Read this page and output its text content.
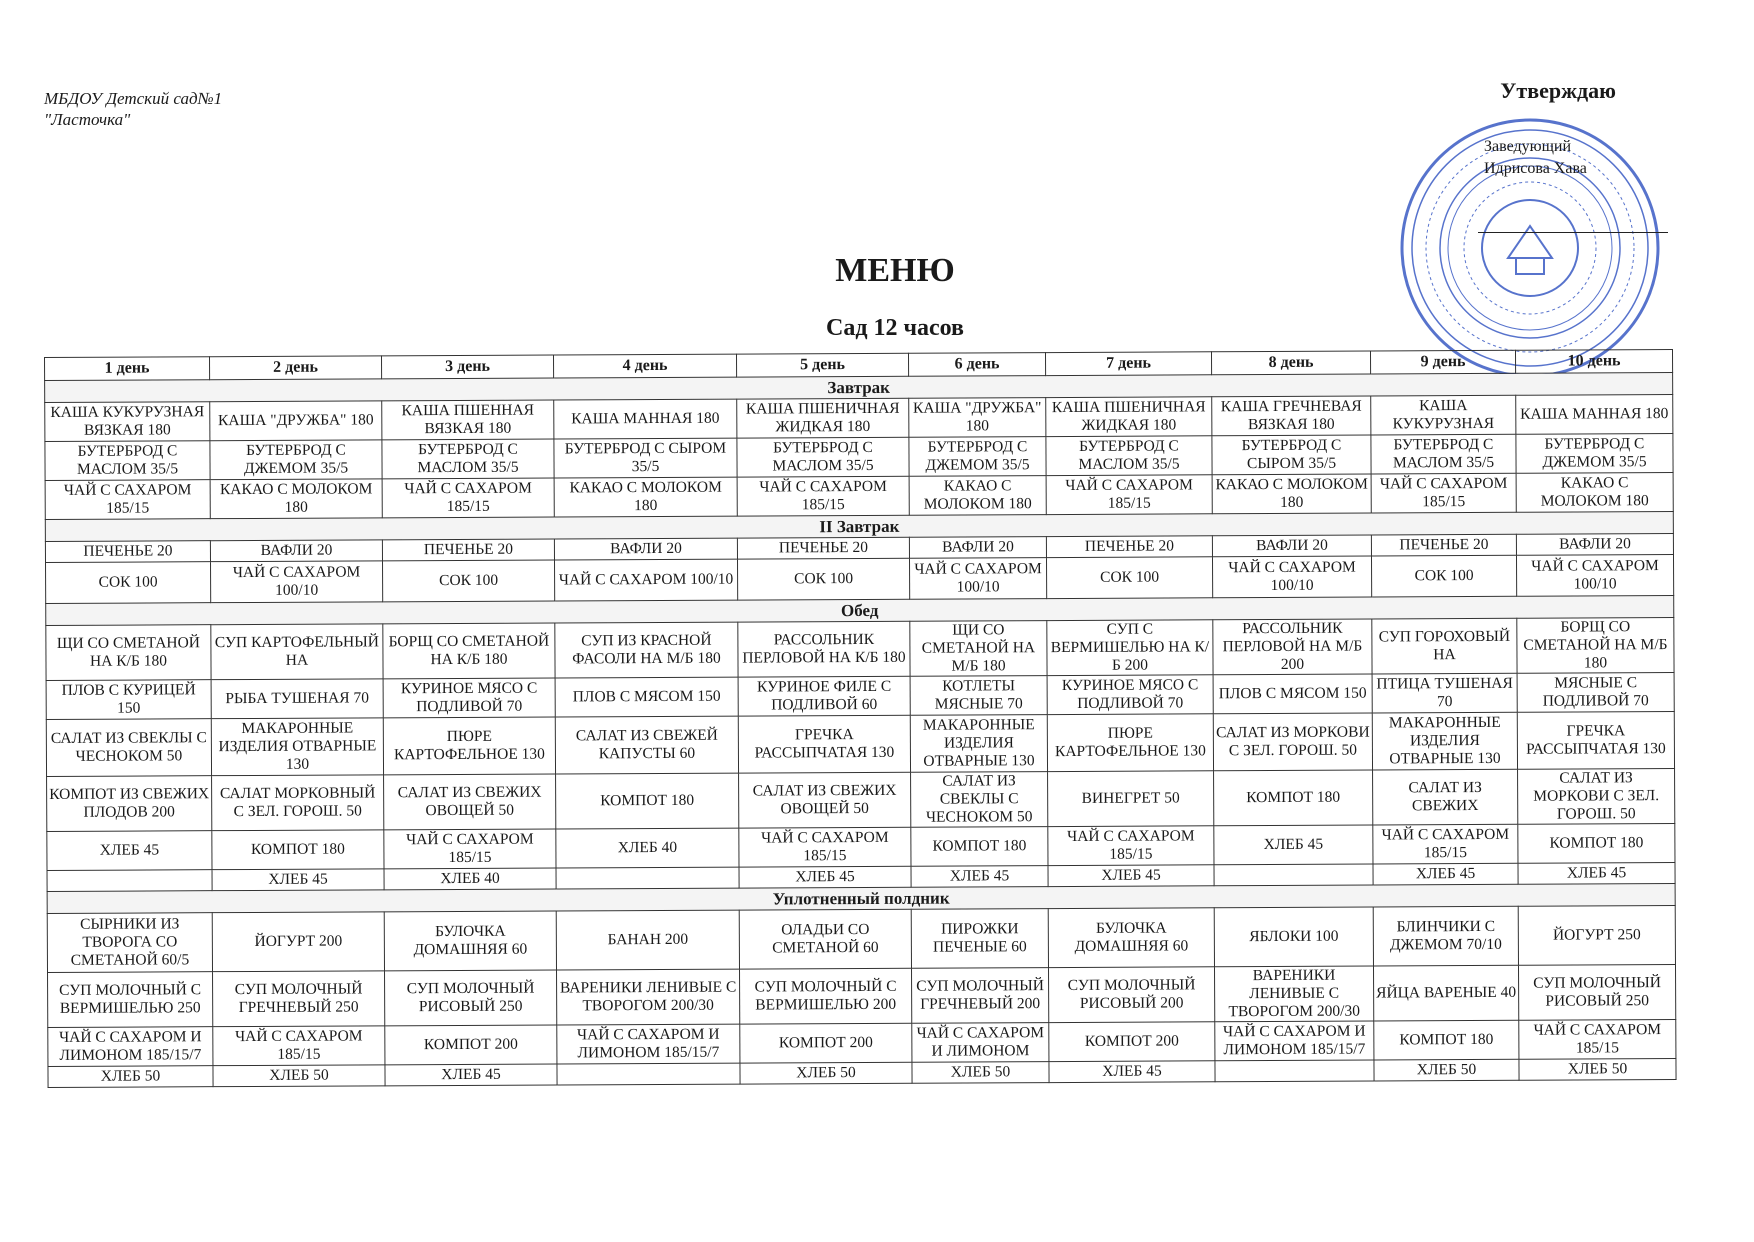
МБДОУ Детский сад№1
"Ласточка"
Утверждаю
Заведующий
Идрисова Хава
МЕНЮ
Сад 12 часов
1 день	2 день	3 день	4 день	5 день	6 день	7 день	8 день	9 день	10 день
Завтрак									
КАША КУКУРУЗНАЯ ВЯЗКАЯ 180	КАША "ДРУЖБА" 180	КАША ПШЕННАЯ ВЯЗКАЯ 180	КАША МАННАЯ 180	КАША ПШЕНИЧНАЯ ЖИДКАЯ 180	КАША "ДРУЖБА" 180	КАША ПШЕНИЧНАЯ ЖИДКАЯ 180	КАША ГРЕЧНЕВАЯ ВЯЗКАЯ 180	КАША КУКУРУЗНАЯ	КАША МАННАЯ 180
БУТЕРБРОД С МАСЛОМ 35/5	БУТЕРБРОД С ДЖЕМОМ 35/5	БУТЕРБРОД С МАСЛОМ 35/5	БУТЕРБРОД С СЫРОМ 35/5	БУТЕРБРОД С МАСЛОМ 35/5	БУТЕРБРОД С ДЖЕМОМ 35/5	БУТЕРБРОД С МАСЛОМ 35/5	БУТЕРБРОД С СЫРОМ 35/5	БУТЕРБРОД С МАСЛОМ 35/5	БУТЕРБРОД С ДЖЕМОМ 35/5
ЧАЙ С САХАРОМ 185/15	КАКАО С МОЛОКОМ 180	ЧАЙ С САХАРОМ 185/15	КАКАО С МОЛОКОМ 180	ЧАЙ С САХАРОМ 185/15	КАКАО С МОЛОКОМ 180	ЧАЙ С САХАРОМ 185/15	КАКАО С МОЛОКОМ 180	ЧАЙ С САХАРОМ 185/15	КАКАО С МОЛОКОМ 180
II Завтрак									
ПЕЧЕНЬЕ 20	ВАФЛИ 20	ПЕЧЕНЬЕ 20	ВАФЛИ 20	ПЕЧЕНЬЕ 20	ВАФЛИ 20	ПЕЧЕНЬЕ 20	ВАФЛИ 20	ПЕЧЕНЬЕ 20	ВАФЛИ 20
СОК 100	ЧАЙ С САХАРОМ 100/10	СОК 100	ЧАЙ С САХАРОМ 100/10	СОК 100	ЧАЙ С САХАРОМ 100/10	СОК 100	ЧАЙ С САХАРОМ 100/10	СОК 100	ЧАЙ С САХАРОМ 100/10
Обед									
ЩИ СО СМЕТАНОЙ НА К/Б 180	СУП КАРТОФЕЛЬНЫЙ НА	БОРЩ СО СМЕТАНОЙ НА К/Б 180	СУП ИЗ КРАСНОЙ ФАСОЛИ НА М/Б 180	РАССОЛЬНИК ПЕРЛОВОЙ НА К/Б 180	ЩИ СО СМЕТАНОЙ НА М/Б 180	СУП С ВЕРМИШЕЛЬЮ НА К/Б 200	РАССОЛЬНИК ПЕРЛОВОЙ НА М/Б 200	СУП ГОРОХОВЫЙ НА	БОРЩ СО СМЕТАНОЙ НА М/Б 180
ПЛОВ С КУРИЦЕЙ 150	РЫБА ТУШЕНАЯ 70	КУРИНОЕ МЯСО С ПОДЛИВОЙ 70	ПЛОВ С МЯСОМ 150	КУРИНОЕ ФИЛЕ С ПОДЛИВОЙ 60	КОТЛЕТЫ МЯСНЫЕ 70	КУРИНОЕ МЯСО С ПОДЛИВОЙ 70	ПЛОВ С МЯСОМ 150	ПТИЦА ТУШЕНАЯ 70	МЯСНЫЕ С ПОДЛИВОЙ 70
САЛАТ ИЗ СВЕКЛЫ С ЧЕСНОКОМ 50	МАКАРОННЫЕ ИЗДЕЛИЯ ОТВАРНЫЕ 130	ПЮРЕ КАРТОФЕЛЬНОЕ 130	САЛАТ ИЗ СВЕЖЕЙ КАПУСТЫ 60	ГРЕЧКА РАССЫПЧАТАЯ 130	МАКАРОННЫЕ ИЗДЕЛИЯ ОТВАРНЫЕ 130	ПЮРЕ КАРТОФЕЛЬНОЕ 130	САЛАТ ИЗ МОРКОВИ С ЗЕЛ. ГОРОШ. 50	МАКАРОННЫЕ ИЗДЕЛИЯ ОТВАРНЫЕ 130	ГРЕЧКА РАССЫПЧАТАЯ 130
КОМПОТ ИЗ СВЕЖИХ ПЛОДОВ 200	САЛАТ МОРКОВНЫЙ С ЗЕЛ. ГОРОШ. 50	САЛАТ ИЗ СВЕЖИХ ОВОЩЕЙ 50	КОМПОТ 180	САЛАТ ИЗ СВЕЖИХ ОВОЩЕЙ 50	САЛАТ ИЗ СВЕКЛЫ С ЧЕСНОКОМ 50	ВИНЕГРЕТ 50	КОМПОТ 180	САЛАТ ИЗ СВЕЖИХ	САЛАТ ИЗ МОРКОВИ С ЗЕЛ. ГОРОШ. 50
ХЛЕБ 45	КОМПОТ 180	ЧАЙ С САХАРОМ 185/15	ХЛЕБ 40	ЧАЙ С САХАРОМ 185/15	КОМПОТ 180	ЧАЙ С САХАРОМ 185/15	ХЛЕБ 45	ЧАЙ С САХАРОМ 185/15	КОМПОТ 180
	ХЛЕБ 45	ХЛЕБ 40		ХЛЕБ 45	ХЛЕБ 45	ХЛЕБ 45		ХЛЕБ 45	ХЛЕБ 45
Уплотненный полдник									
СЫРНИКИ ИЗ ТВОРОГА СО СМЕТАНОЙ 60/5	ЙОГУРТ 200	БУЛОЧКА ДОМАШНЯЯ 60	БАНАН 200	ОЛАДЬИ СО СМЕТАНОЙ 60	ПИРОЖКИ ПЕЧЕНЫЕ 60	БУЛОЧКА ДОМАШНЯЯ 60	ЯБЛОКИ 100	БЛИНЧИКИ С ДЖЕМОМ 70/10	ЙОГУРТ 250
СУП МОЛОЧНЫЙ С ВЕРМИШЕЛЬЮ 250	СУП МОЛОЧНЫЙ ГРЕЧНЕВЫЙ 250	СУП МОЛОЧНЫЙ РИСОВЫЙ 250	ВАРЕНИКИ ЛЕНИВЫЕ С ТВОРОГОМ 200/30	СУП МОЛОЧНЫЙ С ВЕРМИШЕЛЬЮ 200	СУП МОЛОЧНЫЙ ГРЕЧНЕВЫЙ 200	СУП МОЛОЧНЫЙ РИСОВЫЙ 200	ВАРЕНИКИ ЛЕНИВЫЕ С ТВОРОГОМ 200/30	ЯЙЦА ВАРЕНЫЕ 40	СУП МОЛОЧНЫЙ РИСОВЫЙ 250
ЧАЙ С САХАРОМ И ЛИМОНОМ 185/15/7	ЧАЙ С САХАРОМ 185/15	КОМПОТ 200	ЧАЙ С САХАРОМ И ЛИМОНОМ 185/15/7	КОМПОТ 200	ЧАЙ С САХАРОМ И ЛИМОНОМ	КОМПОТ 200	ЧАЙ С САХАРОМ И ЛИМОНОМ 185/15/7	КОМПОТ 180	ЧАЙ С САХАРОМ 185/15
ХЛЕБ 50	ХЛЕБ 50	ХЛЕБ 45		ХЛЕБ 50	ХЛЕБ 50	ХЛЕБ 45		ХЛЕБ 50	ХЛЕБ 50
